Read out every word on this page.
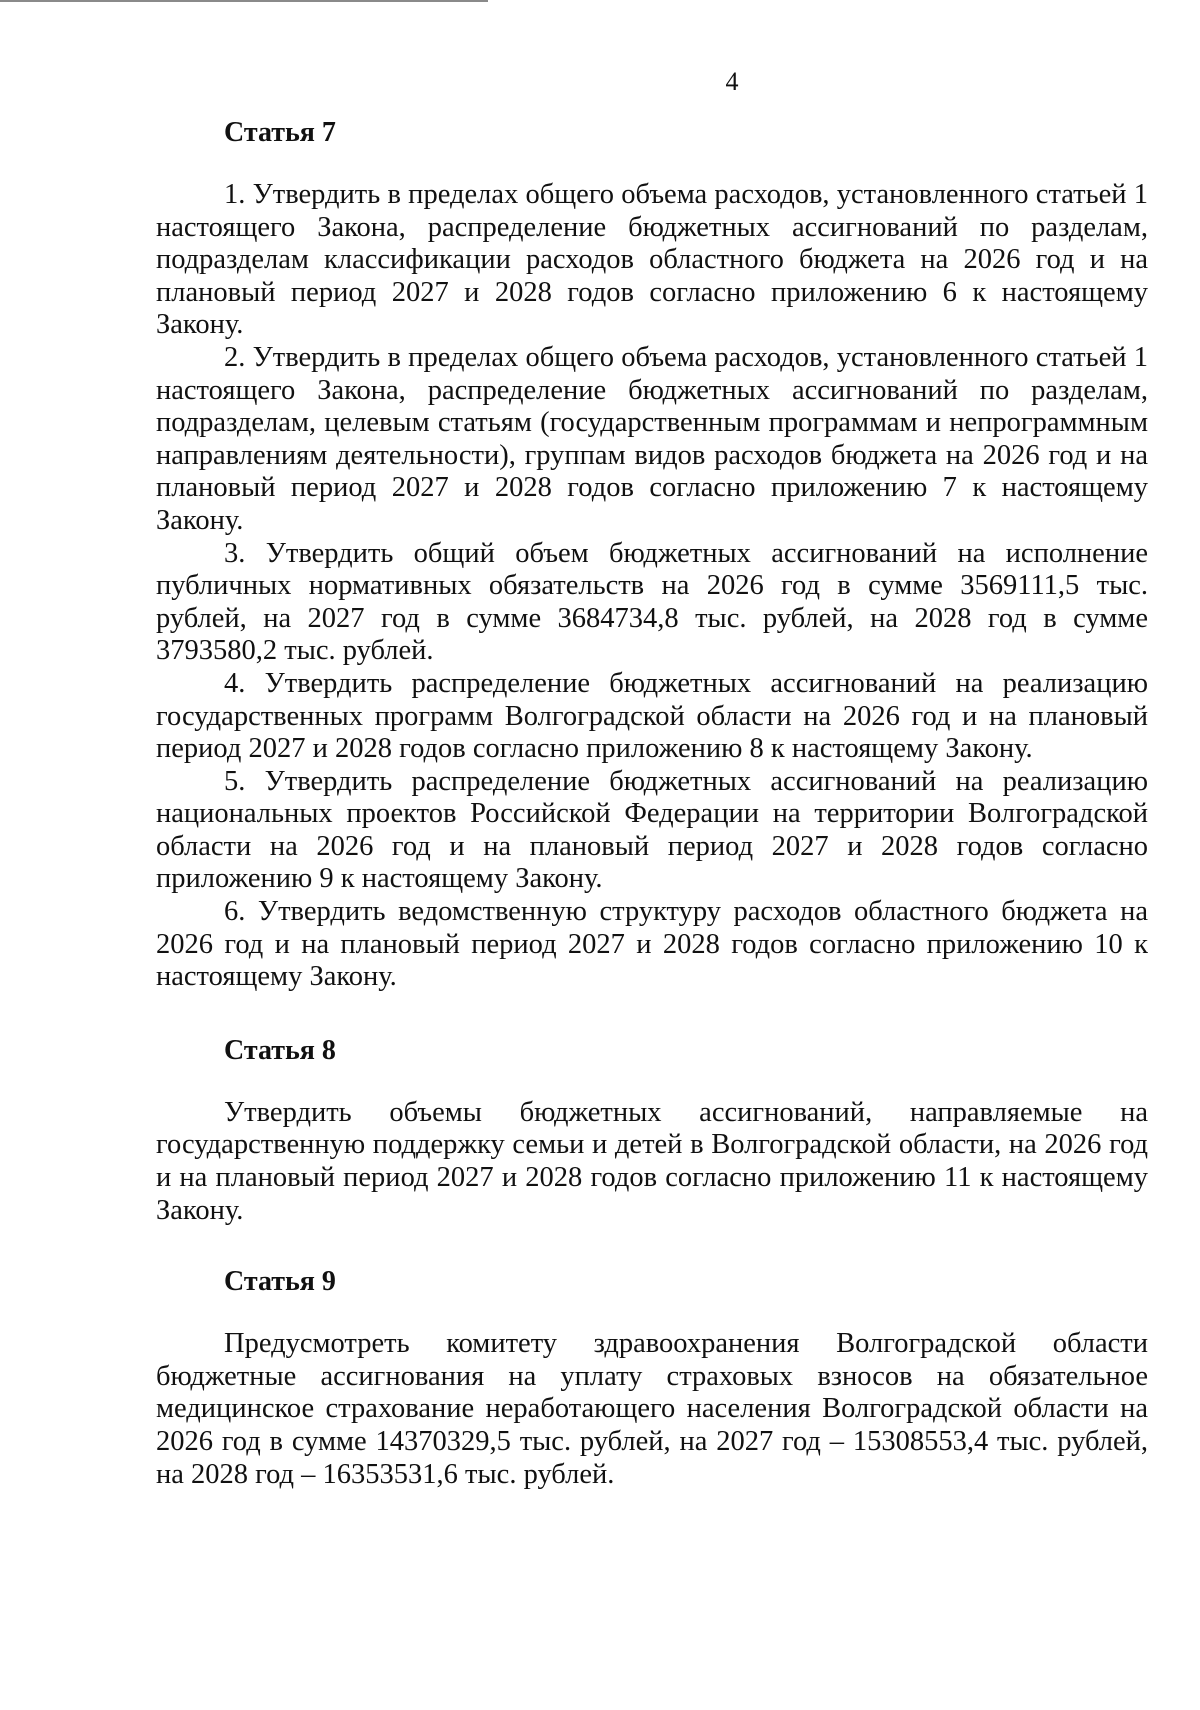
4
Статья 7

1. Утвердить в пределах общего объема расходов, установленного статьей 1 настоящего Закона, распределение бюджетных ассигнований по разделам, подразделам классификации расходов областного бюджета на 2026 год и на плановый период 2027 и 2028 годов согласно приложению 6 к настоящему Закону.

2. Утвердить в пределах общего объема расходов, установленного статьей 1 настоящего Закона, распределение бюджетных ассигнований по разделам, подразделам, целевым статьям (государственным программам и непрограммным направлениям деятельности), группам видов расходов бюджета на 2026 год и на плановый период 2027 и 2028 годов согласно приложению 7 к настоящему Закону.

3. Утвердить общий объем бюджетных ассигнований на исполнение публичных нормативных обязательств на 2026 год в сумме 3569111,5 тыс. рублей, на 2027 год в сумме 3684734,8 тыс. рублей, на 2028 год в сумме 3793580,2 тыс. рублей.

4. Утвердить распределение бюджетных ассигнований на реализацию государственных программ Волгоградской области на 2026 год и на плановый период 2027 и 2028 годов согласно приложению 8 к настоящему Закону.

5. Утвердить распределение бюджетных ассигнований на реализацию национальных проектов Российской Федерации на территории Волгоградской области на 2026 год и на плановый период 2027 и 2028 годов согласно приложению 9 к настоящему Закону.

6. Утвердить ведомственную структуру расходов областного бюджета на 2026 год и на плановый период 2027 и 2028 годов согласно приложению 10 к настоящему Закону.

Статья 8

Утвердить объемы бюджетных ассигнований, направляемые на государственную поддержку семьи и детей в Волгоградской области, на 2026 год и на плановый период 2027 и 2028 годов согласно приложению 11 к настоящему Закону.

Статья 9

Предусмотреть комитету здравоохранения Волгоградской области бюджетные ассигнования на уплату страховых взносов на обязательное медицинское страхование неработающего населения Волгоградской области на 2026 год в сумме 14370329,5 тыс. рублей, на 2027 год – 15308553,4 тыс. рублей, на 2028 год – 16353531,6 тыс. рублей.
